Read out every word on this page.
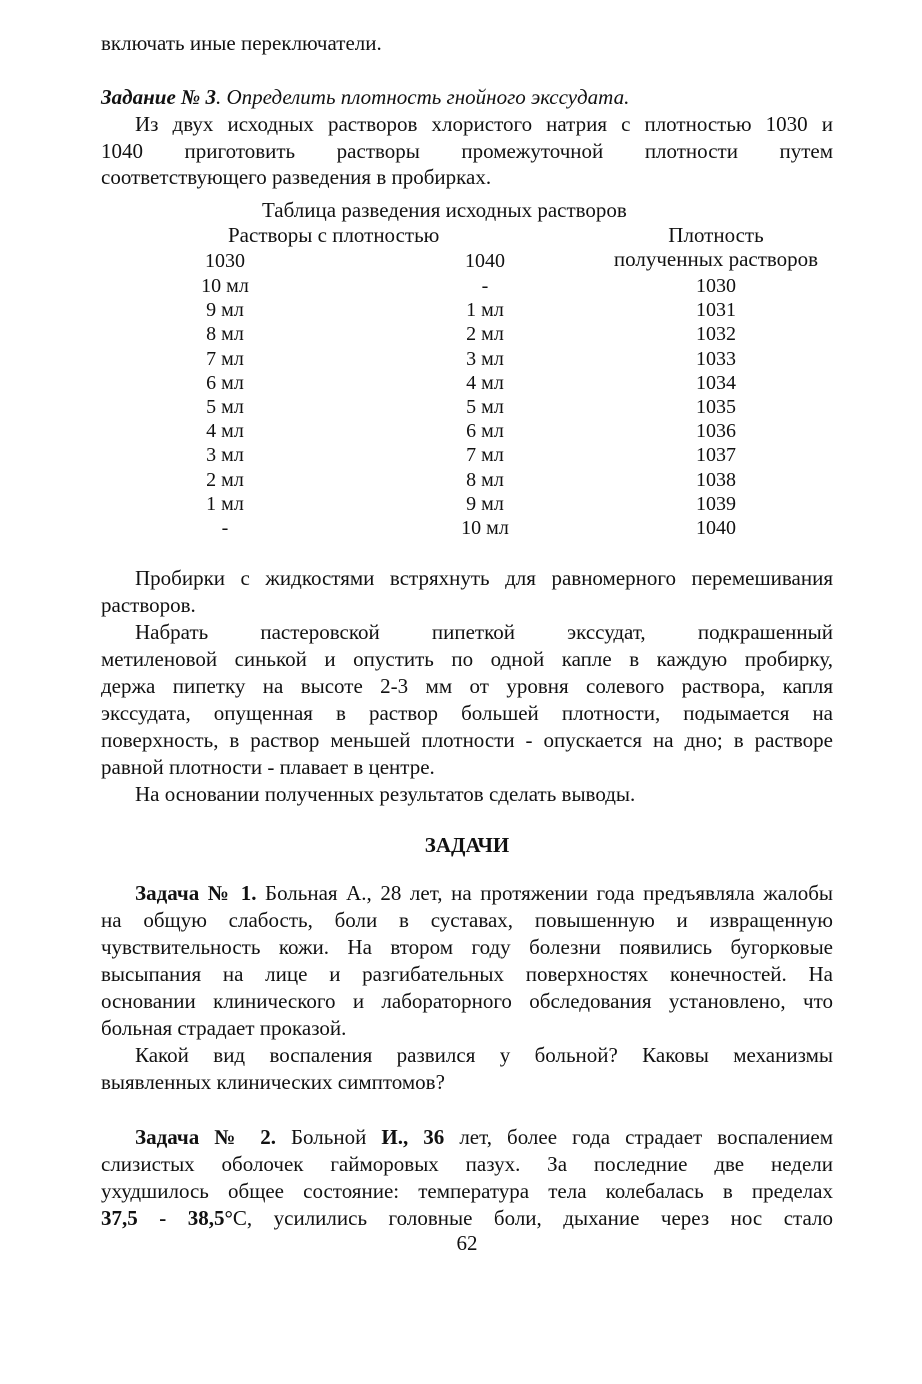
включать иные переключатели.
Задание № 3. Определить плотность гнойного экссудата.
Из двух исходных растворов хлористого натрия с плотностью 1030 и
1040 приготовить растворы промежуточной плотности путем
соответствующего разведения в пробирках.
Таблица разведения исходных растворов
Растворы с плотностью	Плотность
1030	1040	полученных растворов
10 мл	-	1030
9 мл	1 мл	1031
8 мл	2 мл	1032
7 мл	3 мл	1033
6 мл	4 мл	1034
5 мл	5 мл	1035
4 мл	6 мл	1036
3 мл	7 мл	1037
2 мл	8 мл	1038
1 мл	9 мл	1039
-	10 мл	1040
Пробирки с жидкостями встряхнуть для равномерного перемешивания
растворов.
Набрать пастеровской пипеткой экссудат, подкрашенный
метиленовой синькой и опустить по одной капле в каждую пробирку,
держа пипетку на высоте 2-3 мм от уровня солевого раствора, капля
экссудата, опущенная в раствор большей плотности, подымается на
поверхность, в раствор меньшей плотности - опускается на дно; в растворе
равной плотности - плавает в центре.
На основании полученных результатов сделать выводы.
ЗАДАЧИ
Задача № 1. Больная А., 28 лет, на протяжении года предъявляла жалобы
на общую слабость, боли в суставах, повышенную и извращенную
чувствительность кожи. На втором году болезни появились бугорковые
высыпания на лице и разгибательных поверхностях конечностей. На
основании клинического и лабораторного обследования установлено, что
больная страдает проказой.
Какой вид воспаления развился у больной? Каковы механизмы
выявленных клинических симптомов?
Задача № 2. Больной И., 36 лет, более года страдает воспалением
слизистых оболочек гайморовых пазух. За последние две недели
ухудшилось общее состояние: температура тела колебалась в пределах
37,5 - 38,5°С, усилились головные боли, дыхание через нос стало
62
